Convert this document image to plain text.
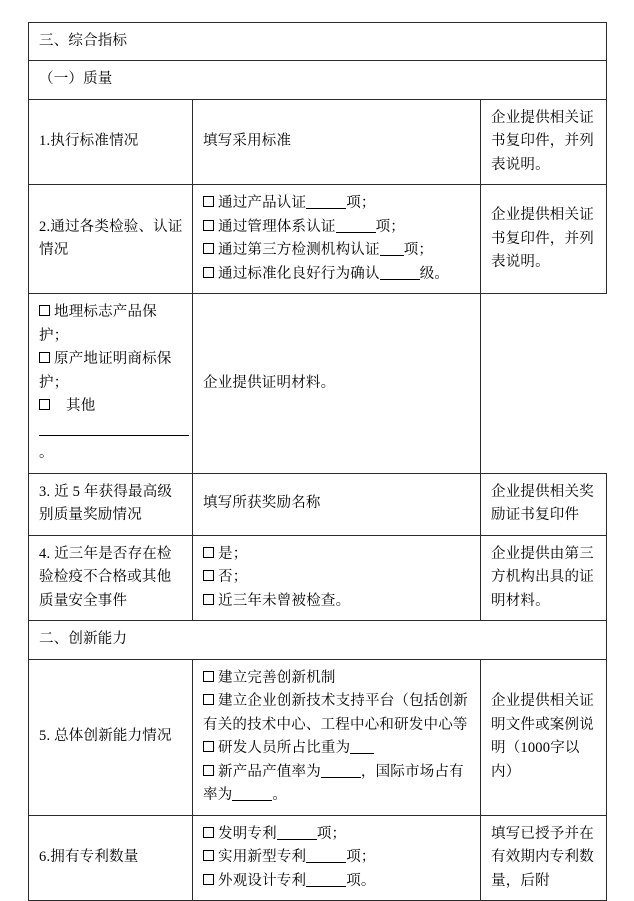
三、综合指标		
（一）质量		
1.执行标准情况	填写采用标准	企业提供相关证书复印件，并列表说明。
2.通过各类检验、认证情况	通过产品认证 项；
通过管理体系认证 项；
通过第三方检测机构认证 项；
通过标准化良好行为确认 级。	企业提供相关证书复印件，并列表说明。

地理标志产品保护；
原产地证明商标保护；
其他。	企业提供证明材料。	
3. 近 5 年获得最高级别质量奖励情况	填写所获奖励名称	企业提供相关奖励证书复印件
4. 近三年是否存在检验检疫不合格或其他质量安全事件	是；
否；
近三年未曾被检查。	企业提供由第三方机构出具的证明材料。
二、创新能力		
5. 总体创新能力情况	建立完善创新机制
建立企业创新技术支持平台（包括创新有关的技术中心、工程中心和研发中心等
研发人员所占比重为
新产品产值率为 ，国际市场占有率为 。	企业提供相关证明文件或案例说明（1000字以内）
6.拥有专利数量	发明专利 项；
实用新型专利 项；
外观设计专利 项。	填写已授予并在有效期内专利数量，后附
